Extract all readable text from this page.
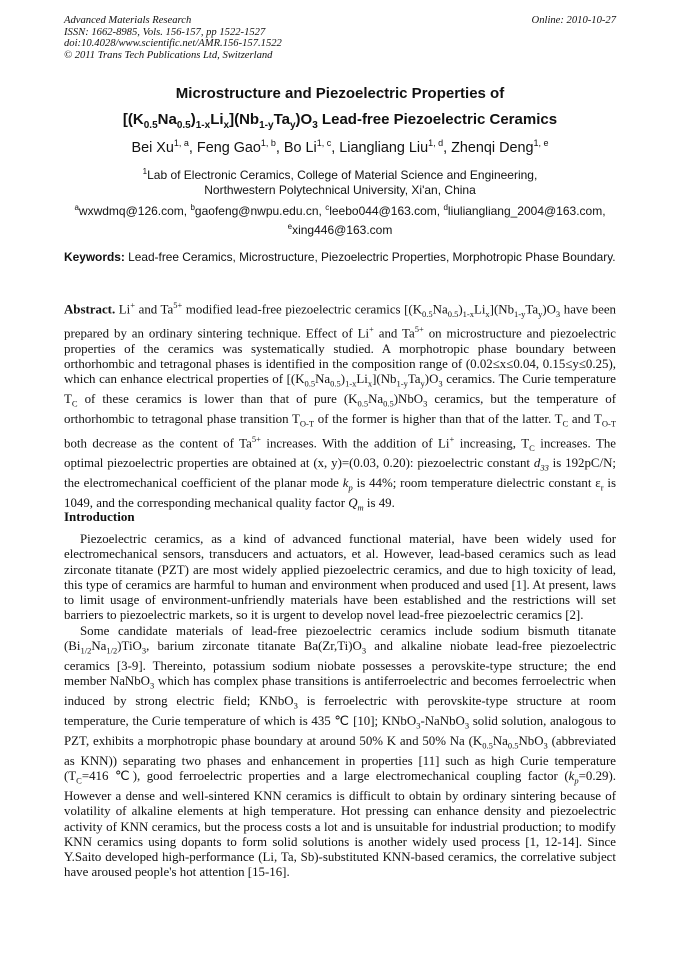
Advanced Materials Research
ISSN: 1662-8985, Vols. 156-157, pp 1522-1527
doi:10.4028/www.scientific.net/AMR.156-157.1522
© 2011 Trans Tech Publications Ltd, Switzerland
Online: 2010-10-27
Microstructure and Piezoelectric Properties of
$[(K_{0.5}Na_{0.5})_{1-x}Li_x](Nb_{1-y}Ta_y)O_3$ Lead-free Piezoelectric Ceramics
Bei Xu$^{1, a}$, Feng Gao$^{1, b}$, Bo Li$^{1, c}$, Liangliang Liu$^{1, d}$, Zhenqi Deng$^{1, e}$
$^1$Lab of Electronic Ceramics, College of Material Science and Engineering,
Northwestern Polytechnical University, Xi'an, China
$^a$wxwdmq@126.com, $^b$gaofeng@nwpu.edu.cn, $^c$leebo044@163.com, $^d$liuliangliang_2004@163.com,
$^e$xing446@163.com
Keywords: Lead-free Ceramics, Microstructure, Piezoelectric Properties, Morphotropic Phase Boundary.
Abstract. Li+ and $Ta^{5+}$ modified lead-free piezoelectric ceramics $[(K_{0.5}Na_{0.5})_{1-x}Li_x](Nb_{1-y}Ta_y)O_3$ have been prepared by an ordinary sintering technique. Effect of Li+ and $Ta^{5+}$ on microstructure and piezoelectric properties of the ceramics was systematically studied. A morphotropic phase boundary between orthorhombic and tetragonal phases is identified in the composition range of (0.02≤x≤0.04, 0.15≤y≤0.25), which can enhance electrical properties of $[(K_{0.5}Na_{0.5})_{1-x}Li_x](Nb_{1-y}Ta_y)O_3$ ceramics. The Curie temperature $T_C$ of these ceramics is lower than that of pure $(K_{0.5}Na_{0.5})NbO_3$ ceramics, but the temperature of orthorhombic to tetragonal phase transition $T_{O-T}$ of the former is higher than that of the latter. $T_C$ and $T_{O-T}$ both decrease as the content of $Ta^{5+}$ increases. With the addition of Li+ increasing, $T_C$ increases. The optimal piezoelectric properties are obtained at (x, y)=(0.03, 0.20): piezoelectric constant $d_{33}$ is 192pC/N; the electromechanical coefficient of the planar mode $k_p$ is 44%; room temperature dielectric constant $\varepsilon_r$ is 1049, and the corresponding mechanical quality factor $Q_m$ is 49.
Introduction

Piezoelectric ceramics, as a kind of advanced functional material, have been widely used for electromechanical sensors, transducers and actuators, et al. However, lead-based ceramics such as lead zirconate titanate (PZT) are most widely applied piezoelectric ceramics, and due to high toxicity of lead, this type of ceramics are harmful to human and environment when produced and used [1]. At present, laws to limit usage of environment-unfriendly materials have been established and the restrictions will set barriers to piezoelectric markets, so it is urgent to develop novel lead-free piezoelectric ceramics [2].

Some candidate materials of lead-free piezoelectric ceramics include sodium bismuth titanate $(Bi_{1/2}Na_{1/2})TiO_3$, barium zirconate titanate $Ba(Zr,Ti)O_3$ and alkaline niobate lead-free piezoelectric ceramics [3-9]. Thereinto, potassium sodium niobate possesses a perovskite-type structure; the end member NaNbO$_3$ which has complex phase transitions is antiferroelectric and becomes ferroelectric when induced by strong electric field; KNbO$_3$ is ferroelectric with perovskite-type structure at room temperature, the Curie temperature of which is 435 ℃ [10]; KNbO$_3$-NaNbO$_3$ solid solution, analogous to PZT, exhibits a morphotropic phase boundary at around 50% K and 50% Na ($K_{0.5}Na_{0.5}NbO_3$ (abbreviated as KNN)) separating two phases and enhancement in properties [11] such as high Curie temperature ($T_C=416$ ℃), good ferroelectric properties and a large electromechanical coupling factor $(k_p=0.29)$. However a dense and well-sintered KNN ceramics is difficult to obtain by ordinary sintering because of volatility of alkaline elements at high temperature. Hot pressing can enhance density and piezoelectric activity of KNN ceramics, but the process costs a lot and is unsuitable for industrial production; to modify KNN ceramics using dopants to form solid solutions is another widely used process [1, 12-14]. Since Y.Saito developed high-performance (Li, Ta, Sb)-substituted KNN-based ceramics, the correlative subject have aroused people's hot attention [15-16].
